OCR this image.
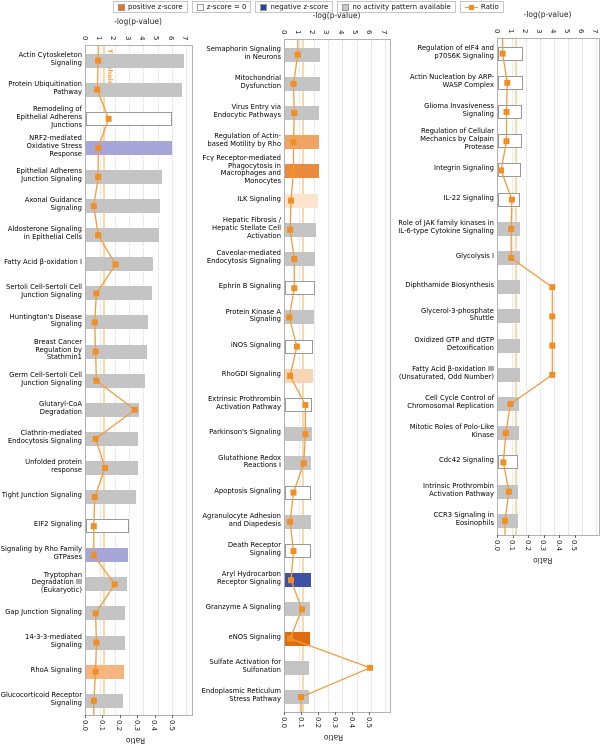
positive z-score	z-score = 0	negative z-score	no activity pattern available	Ratio
-log(p-value)
0 1 2 3 4 5 6 7
Actin Cytoskeleton Signaling
Protein Ubiquitination Pathway
Remodeling of Epithelial Adherens Junctions
NRF2-mediated Oxidative Stress Response
Epithelial Adherens Junction Signaling
Axonal Guidance Signaling
Aldosterone Signaling in Epithelial Cells
Fatty Acid β-oxidation I
Sertoli Cell-Sertoli Cell Junction Signaling
Huntington's Disease Signaling
Breast Cancer Regulation by Stathmin1
Germ Cell-Sertoli Cell Junction Signaling
Glutaryl-CoA Degradation
Clathrin-mediated Endocytosis Signaling
Unfolded protein response
Tight Junction Signaling
EIF2 Signaling
Signaling by Rho Family GTPases
Tryptophan Degradation III (Eukaryotic)
Gap Junction Signaling
14-3-3-mediated Signaling
RhoA Signaling
Glucocorticoid Receptor Signaling
0.0 0.1 0.2 0.3 0.4 0.5
Ratio
-log(p-value)
0 1 2 3 4 5 6 7
Semaphorin Signaling in Neurons
Mitochondrial Dysfunction
Virus Entry via Endocytic Pathways
Regulation of Actin-based Motility by Rho
Fcγ Receptor-mediated Phagocytosis in Macrophages and Monocytes
ILK Signaling
Hepatic Fibrosis / Hepatic Stellate Cell Activation
Caveolar-mediated Endocytosis Signaling
Ephrin B Signaling
Protein Kinase A Signaling
iNOS Signaling
RhoGDI Signaling
Extrinsic Prothrombin Activation Pathway
Parkinson's Signaling
Glutathione Redox Reactions I
Apoptosis Signaling
Agranulocyte Adhesion and Diapedesis
Death Receptor Signaling
Aryl Hydrocarbon Receptor Signaling
Granzyme A Signaling
eNOS Signaling
Sulfate Activation for Sulfonation
Endoplasmic Reticulum Stress Pathway
0.0 0.1 0.2 0.3 0.4 0.5
Ratio
-log(p-value)
0 1 2 3 4 5 6 7
Regulation of eIF4 and p70S6K Signaling
Actin Nucleation by ARP-WASP Complex
Glioma Invasiveness Signaling
Regulation of Cellular Mechanics by Calpain Protease
Integrin Signaling
IL-22 Signaling
Role of JAK family kinases in IL-6-type Cytokine Signaling
Glycolysis I
Diphthamide Biosynthesis
Glycerol-3-phosphate Shuttle
Oxidized GTP and dGTP Detoxification
Fatty Acid β-oxidation III (Unsaturated, Odd Number)
Cell Cycle Control of Chromosomal Replication
Mitotic Roles of Polo-Like Kinase
Cdc42 Signaling
Intrinsic Prothrombin Activation Pathway
CCR3 Signaling in Eosinophils
0.0 0.1 0.2 0.3 0.4 0.5
Ratio
